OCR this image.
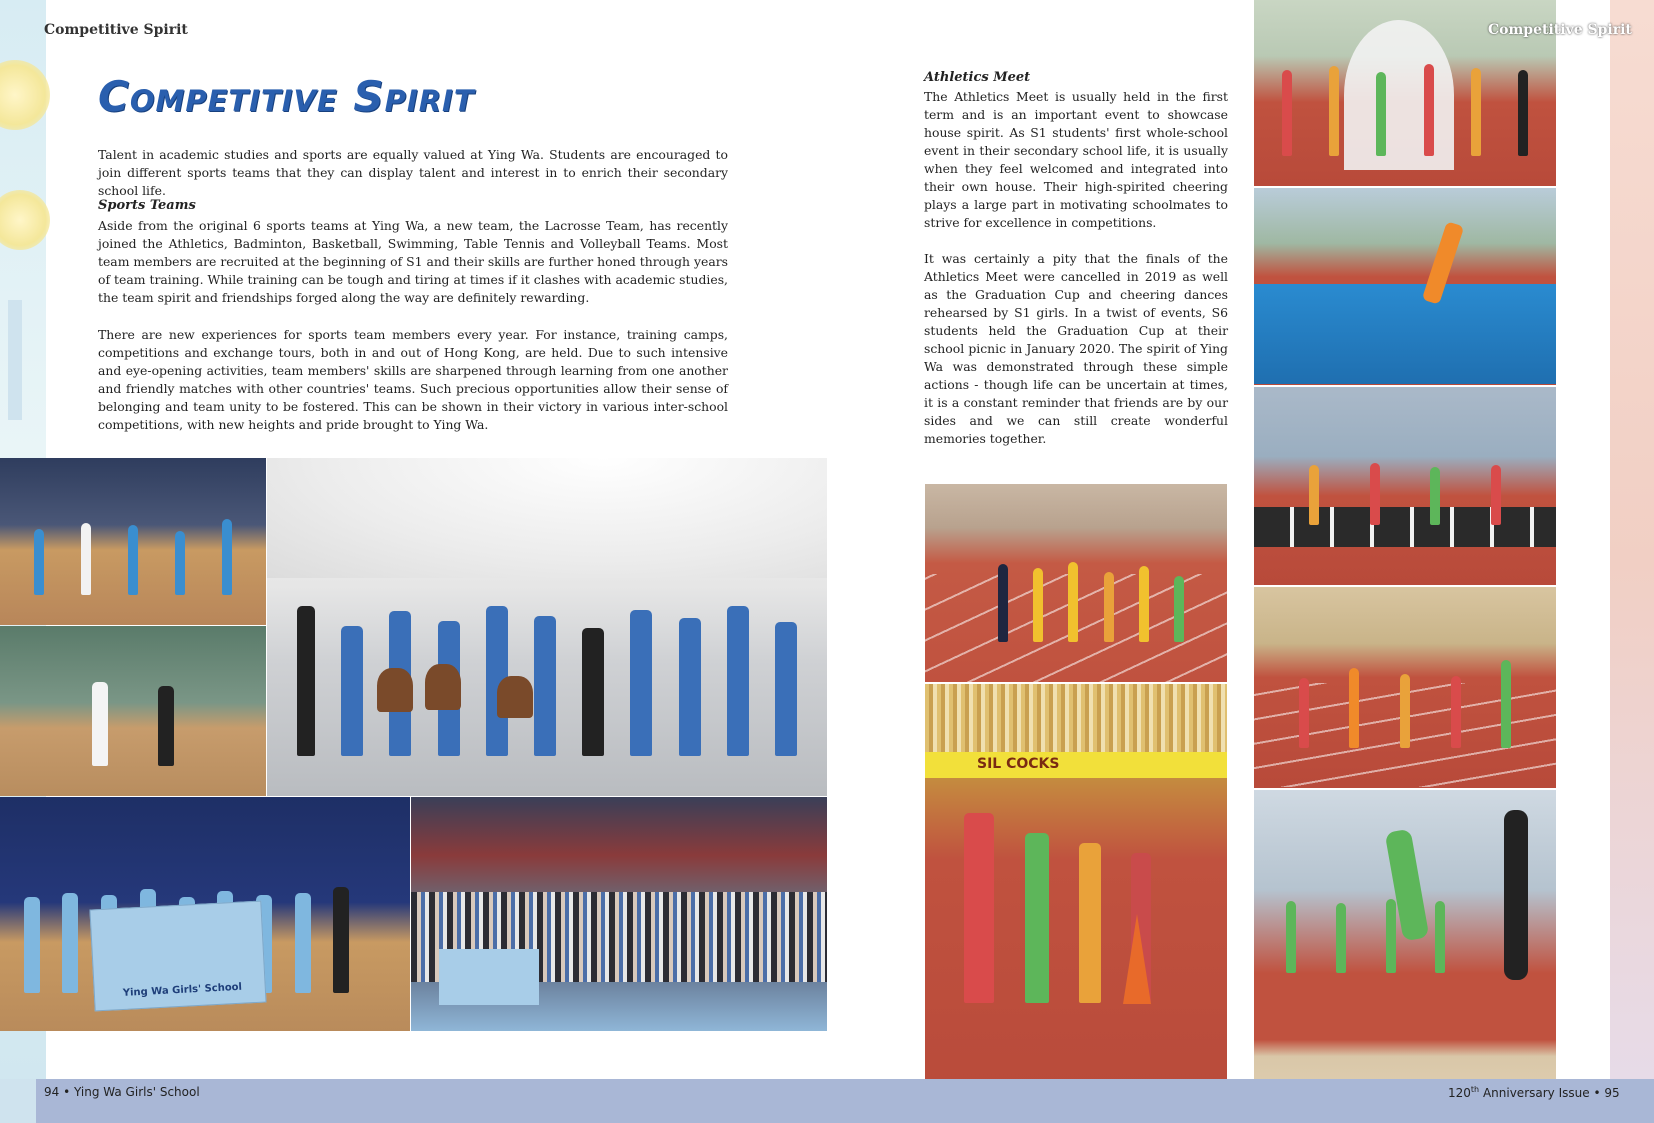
Competitive Spirit	Competitive Spirit
Competitive Spirit

Talent in academic studies and sports are equally valued at Ying Wa. Students are encouraged to join different sports teams that they can display talent and interest in to enrich their secondary school life.

Sports Teams

Aside from the original 6 sports teams at Ying Wa, a new team, the Lacrosse Team, has recently joined the Athletics, Badminton, Basketball, Swimming, Table Tennis and Volleyball Teams. Most team members are recruited at the beginning of S1 and their skills are further honed through years of team training. While training can be tough and tiring at times if it clashes with academic studies, the team spirit and friendships forged along the way are definitely rewarding.

There are new experiences for sports team members every year. For instance, training camps, competitions and exchange tours, both in and out of Hong Kong, are held. Due to such intensive and eye-opening activities, team members' skills are sharpened through learning from one another and friendly matches with other countries' teams. Such precious opportunities allow their sense of belonging and team unity to be fostered. This can be shown in their victory in various inter-school competitions, with new heights and pride brought to Ying Wa.

Athletics Meet

The Athletics Meet is usually held in the first term and is an important event to showcase house spirit. As S1 students' first whole-school event in their secondary school life, it is usually when they feel welcomed and integrated into their own house. Their high-spirited cheering plays a large part in motivating schoolmates to strive for excellence in competitions.

It was certainly a pity that the finals of the Athletics Meet were cancelled in 2019 as well as the Graduation Cup and cheering dances rehearsed by S1 girls. In a twist of events, S6 students held the Graduation Cup at their school picnic in January 2020. The spirit of Ying Wa was demonstrated through these simple actions - though life can be uncertain at times, it is a constant reminder that friends are by our sides and we can still create wonderful memories together.

Ying Wa Girls' School
SIL COCKS
94 • Ying Wa Girls' School	120th Anniversary Issue • 95
